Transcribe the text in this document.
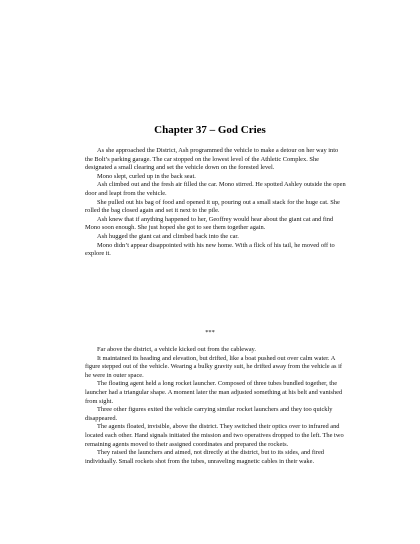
Chapter 37 – God Cries

As she approached the District, Ash programmed the vehicle to make a detour on her way into the Bolt’s parking garage. The car stopped on the lowest level of the Athletic Complex. She designated a small clearing and set the vehicle down on the forested level.

Mono slept, curled up in the back seat.

Ash climbed out and the fresh air filled the car. Mono stirred. He spotted Ashley outside the open door and leapt from the vehicle.

She pulled out his bag of food and opened it up, pouring out a small stack for the huge cat. She rolled the bag closed again and set it next to the pile.

Ash knew that if anything happened to her, Geoffrey would hear about the giant cat and find Mono soon enough. She just hoped she got to see them together again.

Ash hugged the giant cat and climbed back into the car.

Mono didn’t appear disappointed with his new home. With a flick of his tail, he moved off to explore it.

***

Far above the district, a vehicle kicked out from the cableway.

It maintained its heading and elevation, but drifted, like a boat pushed out over calm water. A figure stepped out of the vehicle. Wearing a bulky gravity suit, he drifted away from the vehicle as if he were in outer space.

The floating agent held a long rocket launcher. Composed of three tubes bundled together, the launcher had a triangular shape. A moment later the man adjusted something at his belt and vanished from sight.

Three other figures exited the vehicle carrying similar rocket launchers and they too quickly disappeared.

The agents floated, invisible, above the district. They switched their optics over to infrared and located each other. Hand signals initiated the mission and two operatives dropped to the left. The two remaining agents moved to their assigned coordinates and prepared the rockets.

They raised the launchers and aimed, not directly at the district, but to its sides, and fired individually. Small rockets shot from the tubes, unraveling magnetic cables in their wake.
